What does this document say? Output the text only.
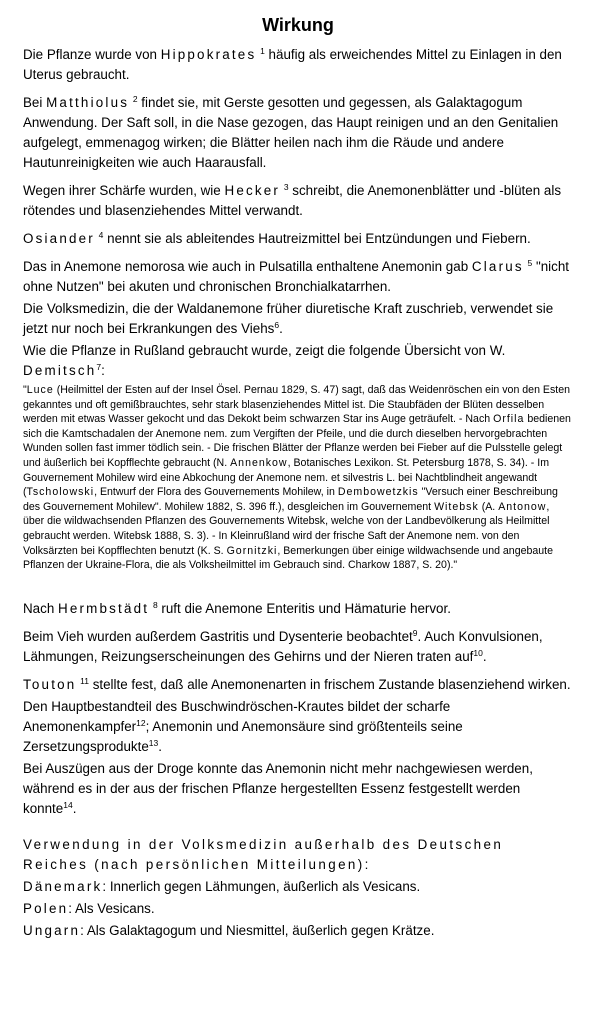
Wirkung

Die Pflanze wurde von Hippokrates $^1$ häufig als erweichendes Mittel zu Einlagen in den Uterus gebraucht.

Bei Matthiolus $^2$ findet sie, mit Gerste gesotten und gegessen, als Galaktagogum Anwendung. Der Saft soll, in die Nase gezogen, das Haupt reinigen und an den Genitalien aufgelegt, emmenagog wirken; die Blätter heilen nach ihm die Räude und andere Hautunreinigkeiten wie auch Haarausfall.

Wegen ihrer Schärfe wurden, wie Hecker $^3$ schreibt, die Anemonenblätter und -blüten als rötendes und blasenziehendes Mittel verwandt.

Osiander $^4$ nennt sie als ableitendes Hautreizmittel bei Entzündungen und Fiebern.

Das in Anemone nemorosa wie auch in Pulsatilla enthaltene Anemonin gab Clarus $^5$ "nicht ohne Nutzen" bei akuten und chronischen Bronchialkatarrhen.

Die Volksmedizin, die der Waldanemone früher diuretische Kraft zuschrieb, verwendet sie jetzt nur noch bei Erkrankungen des Viehs$^6$.

Wie die Pflanze in Rußland gebraucht wurde, zeigt die folgende Übersicht von W. Demitsch$^7$:

"Luce (Heilmittel der Esten auf der Insel Ösel. Pernau 1829, S. 47) sagt, daß das Weidenröschen ein von den Esten gekanntes und oft gemißbrauchtes, sehr stark blasenziehendes Mittel ist. Die Staubfäden der Blüten desselben werden mit etwas Wasser gekocht und das Dekokt beim schwarzen Star ins Auge geträufelt. - Nach Orfila bedienen sich die Kamtschadalen der Anemone nem. zum Vergiften der Pfeile, und die durch dieselben hervorgebrachten Wunden sollen fast immer tödlich sein. - Die frischen Blätter der Pflanze werden bei Fieber auf die Pulsstelle gelegt und äußerlich bei Kopfflechte gebraucht (N. Annenkow, Botanisches Lexikon. St. Petersburg 1878, S. 34). - Im Gouvernement Mohilew wird eine Abkochung der Anemone nem. et silvestris L. bei Nachtblindheit angewandt (Tscholowski, Entwurf der Flora des Gouvernements Mohilew, in Dembowetzkis "Versuch einer Beschreibung des Gouvernement Mohilew". Mohilew 1882, S. 396 ff.), desgleichen im Gouvernement Witebsk (A. Antonow, über die wildwachsenden Pflanzen des Gouvernements Witebsk, welche von der Landbevölkerung als Heilmittel gebraucht werden. Witebsk 1888, S. 3). - In Kleinrußland wird der frische Saft der Anemone nem. von den Volksärzten bei Kopfflechten benutzt (K. S. Gornitzki, Bemerkungen über einige wildwachsende und angebaute Pflanzen der Ukraine-Flora, die als Volksheilmittel im Gebrauch sind. Charkow 1887, S. 20)."

Nach Hermbstädt $^8$ ruft die Anemone Enteritis und Hämaturie hervor.

Beim Vieh wurden außerdem Gastritis und Dysenterie beobachtet$^9$. Auch Konvulsionen, Lähmungen, Reizungserscheinungen des Gehirns und der Nieren traten auf$^{10}$.

Touton $^{11}$ stellte fest, daß alle Anemonenarten in frischem Zustande blasenziehend wirken.

Den Hauptbestandteil des Buschwindröschen-Krautes bildet der scharfe Anemonenkampfer$^{12}$; Anemonin und Anemonsäure sind größtenteils seine Zersetzungsprodukte$^{13}$.

Bei Auszügen aus der Droge konnte das Anemonin nicht mehr nachgewiesen werden, während es in der aus der frischen Pflanze hergestellten Essenz festgestellt werden konnte$^{14}$.

Verwendung in der Volksmedizin außerhalb des Deutschen Reiches (nach persönlichen Mitteilungen):

Dänemark: Innerlich gegen Lähmungen, äußerlich als Vesicans.

Polen: Als Vesicans.

Ungarn: Als Galaktagogum und Niesmittel, äußerlich gegen Krätze.
